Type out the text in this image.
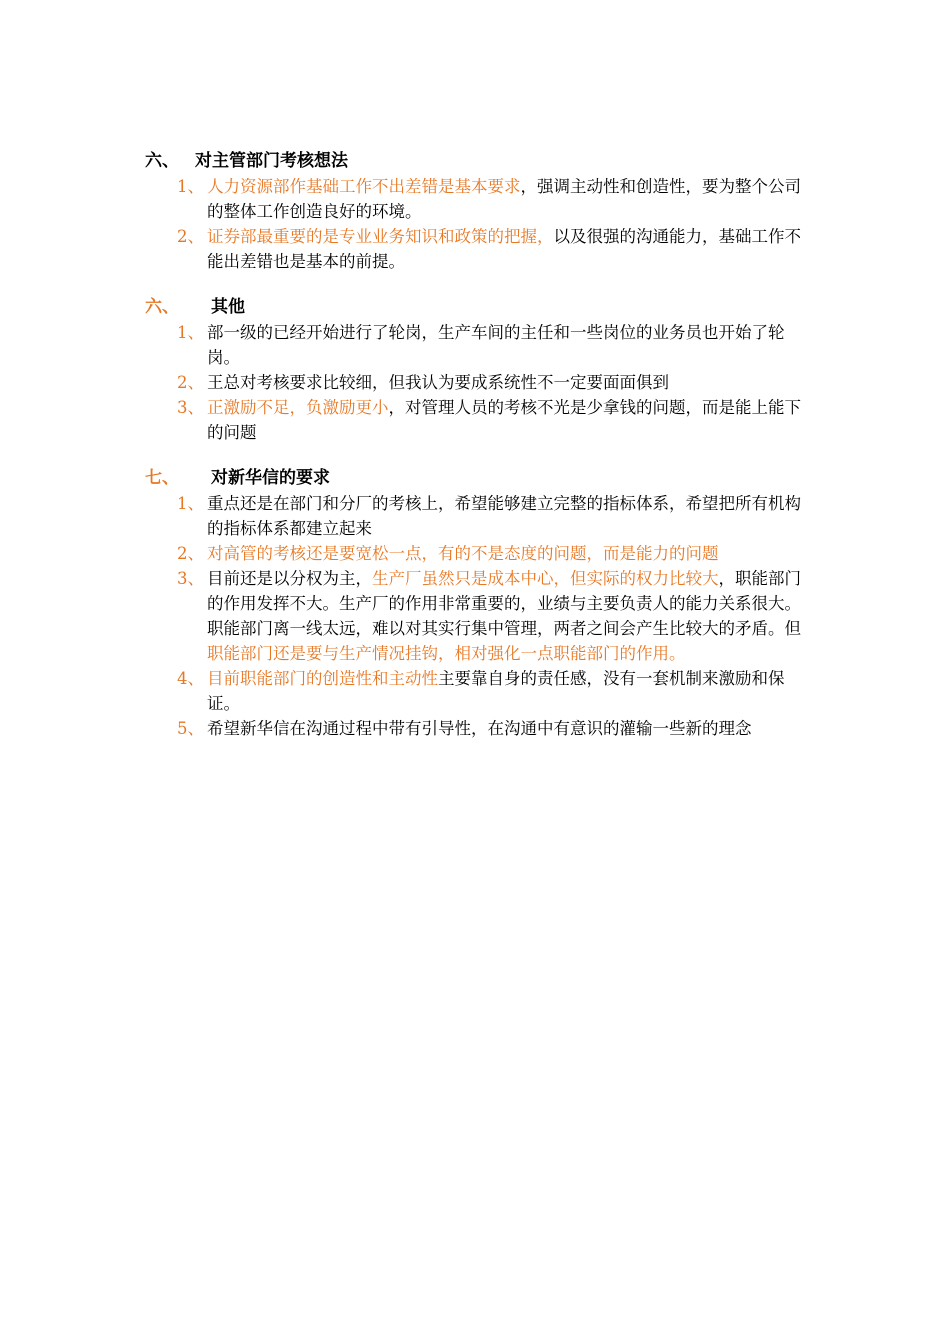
六、 对主管部门考核想法
1、 人力资源部作基础工作不出差错是基本要求，强调主动性和创造性，要为整个公司的整体工作创造良好的环境。
2、 证券部最重要的是专业业务知识和政策的把握，以及很强的沟通能力，基础工作不能出差错也是基本的前提。
六、	其他
1、 部一级的已经开始进行了轮岗，生产车间的主任和一些岗位的业务员也开始了轮岗。
2、 王总对考核要求比较细，但我认为要成系统性不一定要面面俱到
3、 正激励不足，负激励更小，对管理人员的考核不光是少拿钱的问题，而是能上能下的问题
七、	对新华信的要求
1、 重点还是在部门和分厂的考核上，希望能够建立完整的指标体系，希望把所有机构的指标体系都建立起来
2、 对高管的考核还是要宽松一点，有的不是态度的问题，而是能力的问题
3、 目前还是以分权为主，生产厂虽然只是成本中心，但实际的权力比较大，职能部门的作用发挥不大。生产厂的作用非常重要的，业绩与主要负责人的能力关系很大。职能部门离一线太远，难以对其实行集中管理，两者之间会产生比较大的矛盾。但职能部门还是要与生产情况挂钩，相对强化一点职能部门的作用。
4、 目前职能部门的创造性和主动性主要靠自身的责任感，没有一套机制来激励和保证。
5、 希望新华信在沟通过程中带有引导性，在沟通中有意识的灌输一些新的理念
